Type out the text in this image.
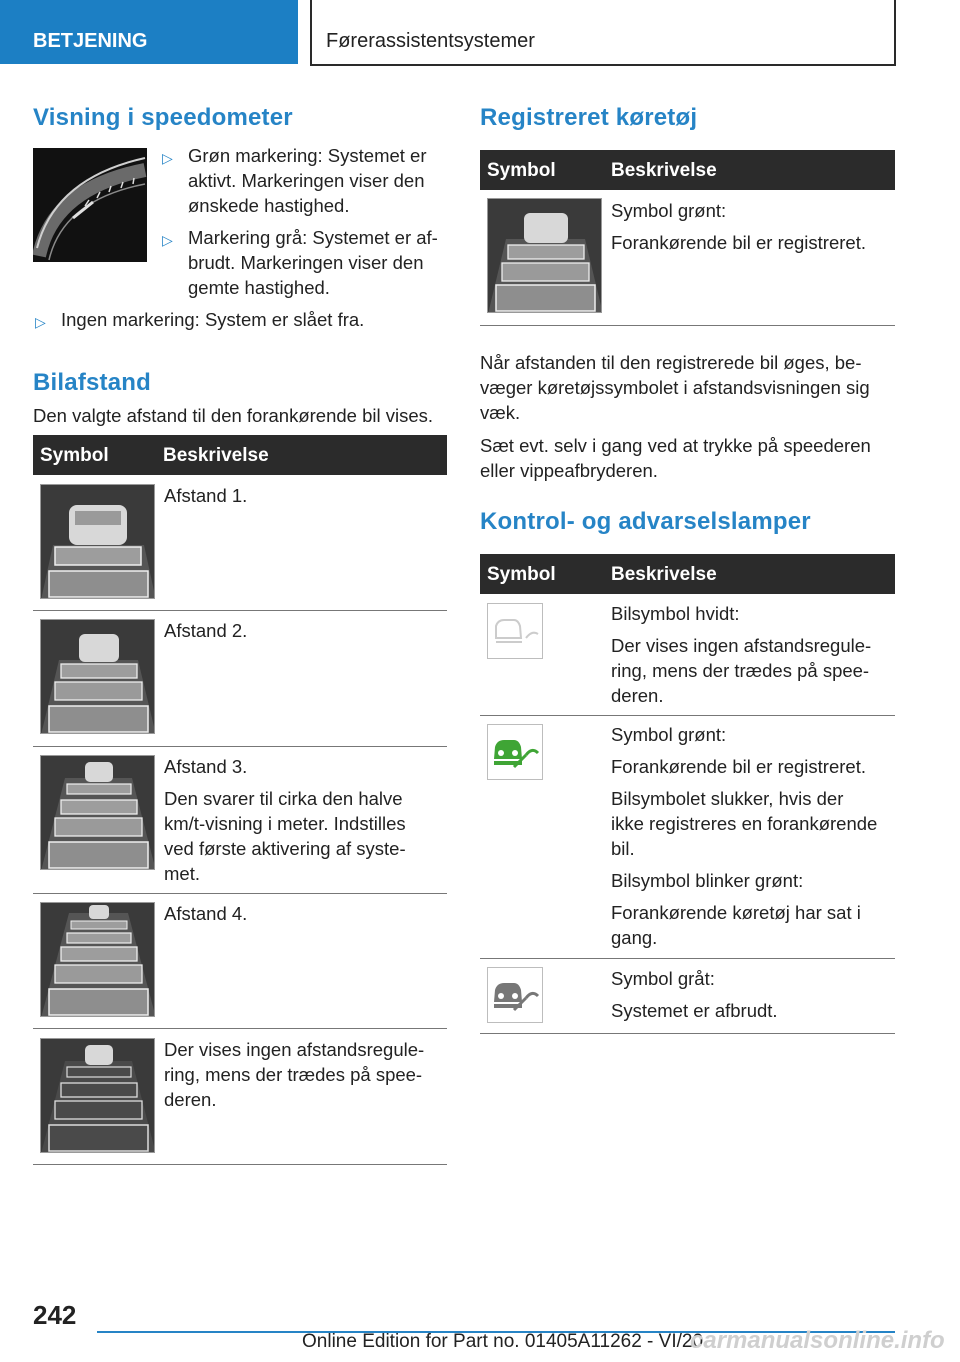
BETJENING	Førerassistentsystemer
Visning i speedometer
▷ Grøn markering: Systemet er
aktivt. Markeringen viser den
ønskede hastighed.
▷ Markering grå: Systemet er af-
brudt. Markeringen viser den
gemte hastighed.
▷ Ingen markering: System er slået fra.
Bilafstand
Den valgte afstand til den forankørende bil vises.
Symbol	Beskrivelse
Afstand 1.
Afstand 2.
Afstand 3.
Den svarer til cirka den halve
km/t-visning i meter. Indstilles
ved første aktivering af syste-
met.
Afstand 4.
Der vises ingen afstandsregule-
ring, mens der trædes på spee-
deren.
Registreret køretøj
Symbol	Beskrivelse
Symbol grønt:
Forankørende bil er registreret.
Når afstanden til den registrerede bil øges, be-
væger køretøjssymbolet i afstandsvisningen sig
væk.
Sæt evt. selv i gang ved at trykke på speederen
eller vippeafbryderen.
Kontrol- og advarselslamper
Symbol	Beskrivelse
Bilsymbol hvidt:
Der vises ingen afstandsregule-
ring, mens der trædes på spee-
deren.
Symbol grønt:
Forankørende bil er registreret.
Bilsymbolet slukker, hvis der
ikke registreres en forankørende
bil.
Bilsymbol blinker grønt:
Forankørende køretøj har sat i
gang.
Symbol gråt:
Systemet er afbrudt.
242
Online Edition for Part no. 01405A11262 - VI/20
carmanualsonline.info
